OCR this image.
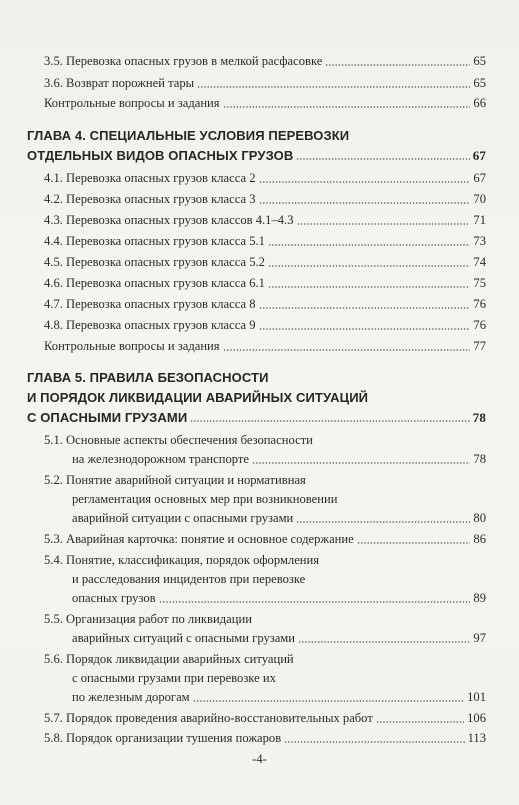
3.5. Перевозка опасных грузов в мелкой расфасовке	65
3.6. Возврат порожней тары	65
Контрольные вопросы и задания	66
ГЛАВА 4. СПЕЦИАЛЬНЫЕ УСЛОВИЯ ПЕРЕВОЗКИ
ОТДЕЛЬНЫХ ВИДОВ ОПАСНЫХ ГРУЗОВ	67
4.1. Перевозка опасных грузов класса 2	67
4.2. Перевозка опасных грузов класса 3	70
4.3. Перевозка опасных грузов классов 4.1–4.3	71
4.4. Перевозка опасных грузов класса 5.1	73
4.5. Перевозка опасных грузов класса 5.2	74
4.6. Перевозка опасных грузов класса 6.1	75
4.7. Перевозка опасных грузов класса 8	76
4.8. Перевозка опасных грузов класса 9	76
Контрольные вопросы и задания	77
ГЛАВА 5. ПРАВИЛА БЕЗОПАСНОСТИ
И ПОРЯДОК ЛИКВИДАЦИИ АВАРИЙНЫХ СИТУАЦИЙ
С ОПАСНЫМИ ГРУЗАМИ	78
5.1. Основные аспекты обеспечения безопасности
на железнодорожном транспорте	78
5.2. Понятие аварийной ситуации и нормативная
регламентация основных мер при возникновении
аварийной ситуации с опасными грузами	80
5.3. Аварийная карточка: понятие и основное содержание	86
5.4. Понятие, классификация, порядок оформления
и расследования инцидентов при перевозке
опасных грузов	89
5.5. Организация работ по ликвидации
аварийных ситуаций с опасными грузами	97
5.6. Порядок ликвидации аварийных ситуаций
с опасными грузами при перевозке их
по железным дорогам	101
5.7. Порядок проведения аварийно-восстановительных работ	106
5.8. Порядок организации тушения пожаров	113
-4-
